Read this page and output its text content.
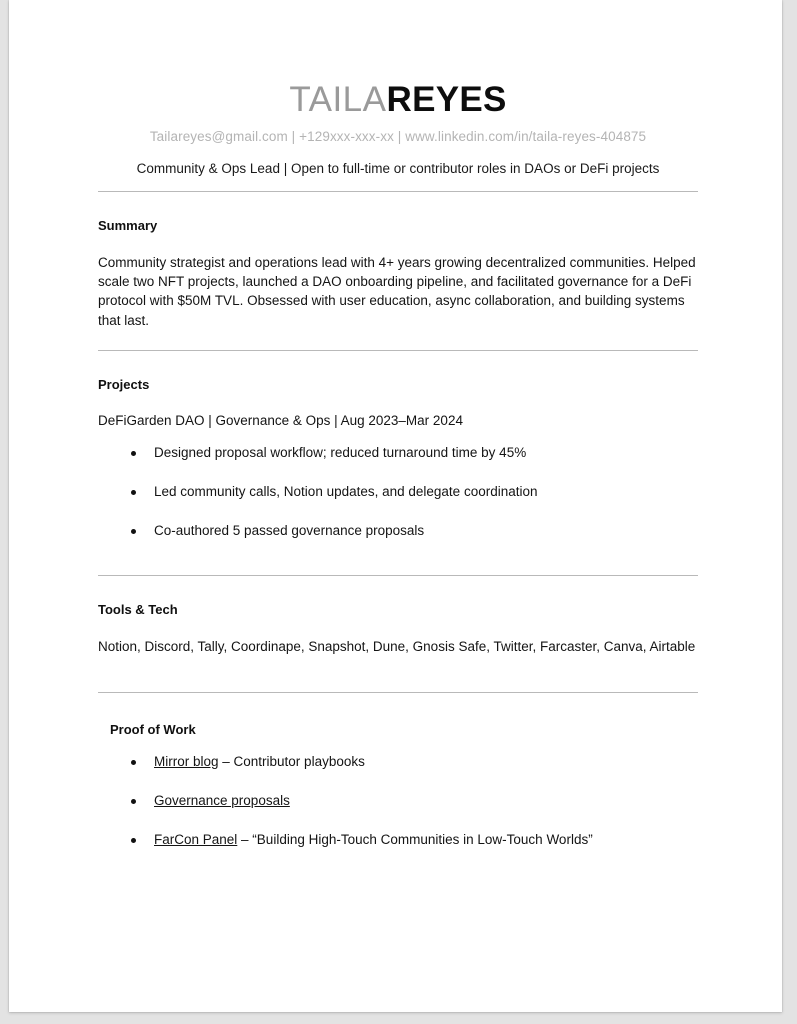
TAILAREYES
Tailareyes@gmail.com | +129xxx-xxx-xx | www.linkedin.com/in/taila-reyes-404875
Community & Ops Lead | Open to full-time or contributor roles in DAOs or DeFi projects
Summary

Community strategist and operations lead with 4+ years growing decentralized communities. Helped scale two NFT projects, launched a DAO onboarding pipeline, and facilitated governance for a DeFi protocol with $50M TVL. Obsessed with user education, async collaboration, and building systems that last.

Projects
DeFiGarden DAO | Governance & Ops | Aug 2023–Mar 2024
Designed proposal workflow; reduced turnaround time by 45%
Led community calls, Notion updates, and delegate coordination
Co-authored 5 passed governance proposals
Tools & Tech

Notion, Discord, Tally, Coordinape, Snapshot, Dune, Gnosis Safe, Twitter, Farcaster, Canva, Airtable

Proof of Work
Mirror blog – Contributor playbooks
Governance proposals
FarCon Panel – “Building High-Touch Communities in Low-Touch Worlds”
